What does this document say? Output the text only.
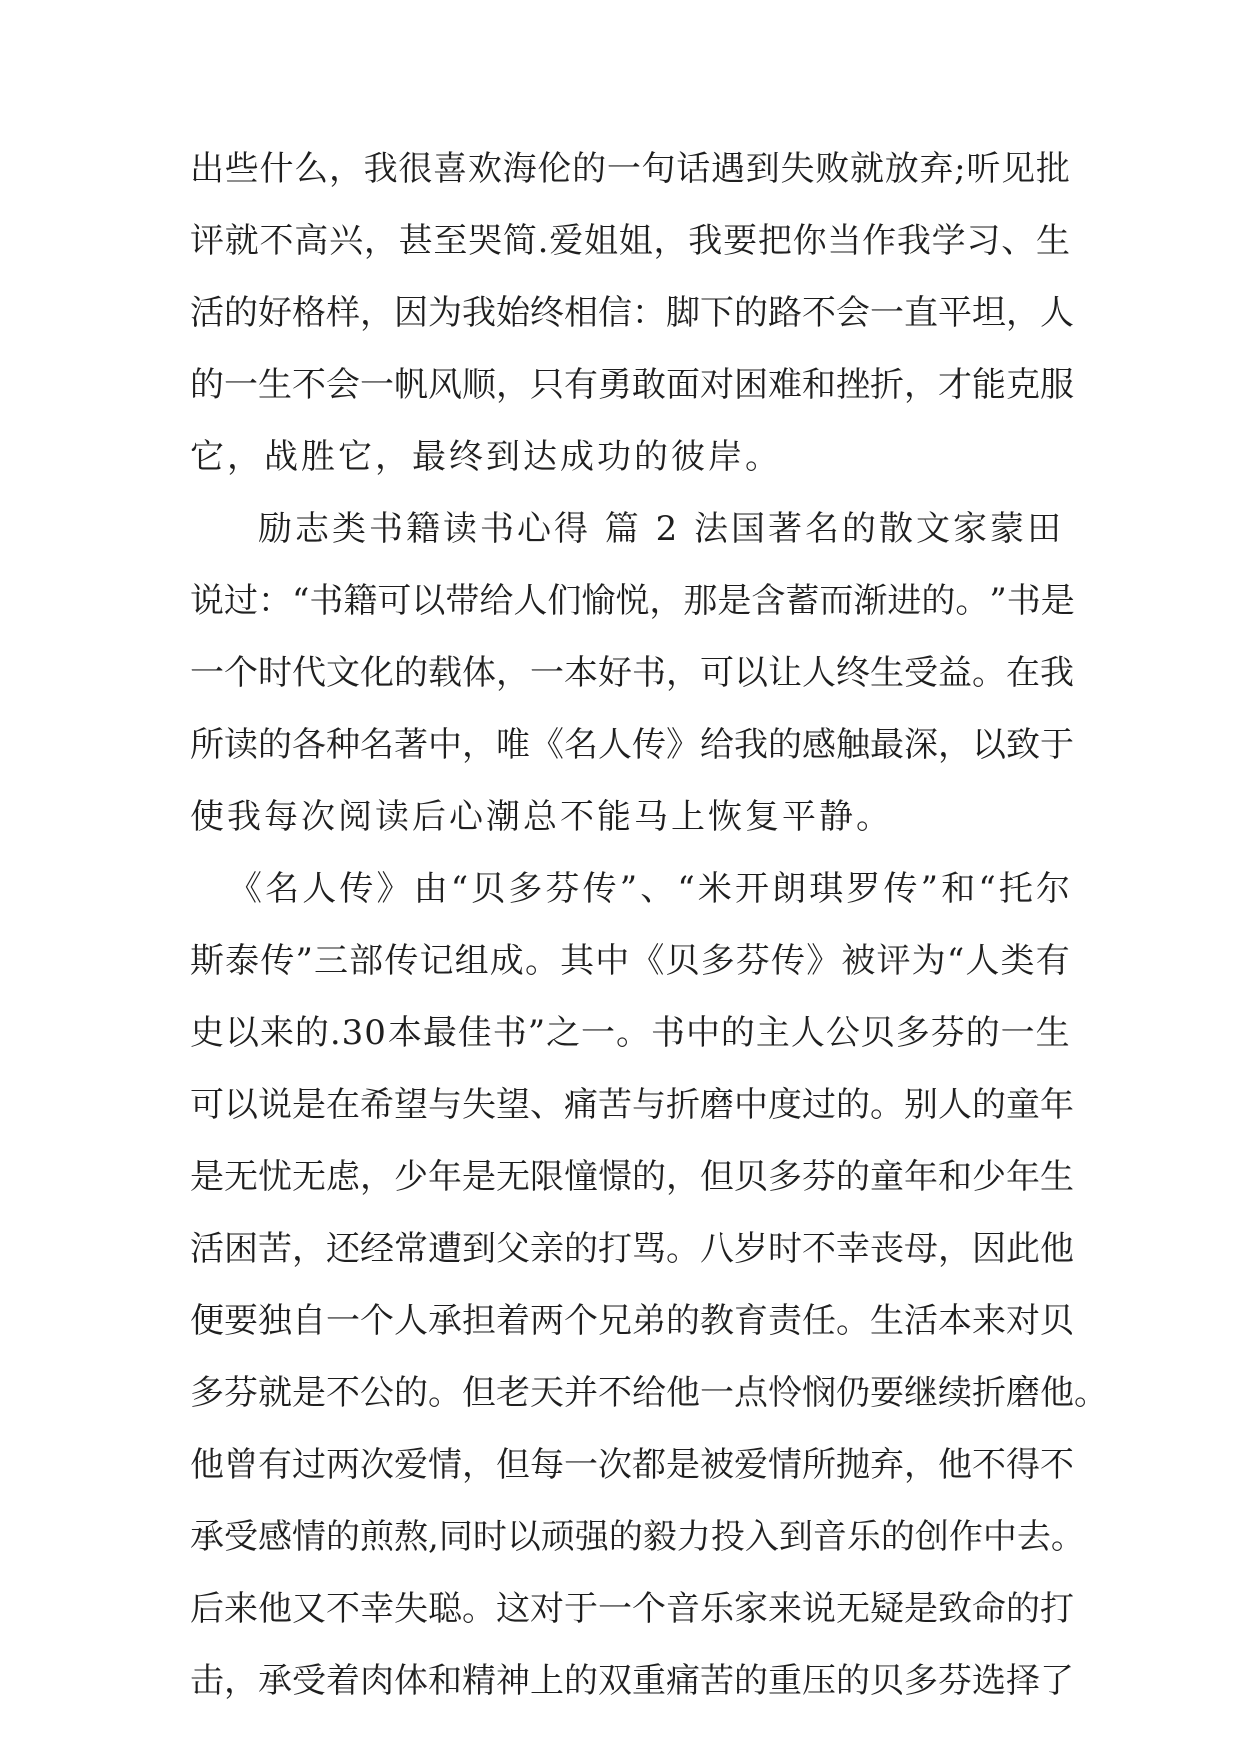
出 些 什 么 ， 我 很 喜 欢 海 伦 的 一 句 话 遇 到 失 败 就 放 弃 ; 听 见 批
评 就 不 高 兴 ， 甚 至 哭 简 . 爱 姐 姐 ， 我 要 把 你 当 作 我 学 习 、 生
活 的 好 格 样 ， 因 为 我 始 终 相 信 ： 脚 下 的 路 不 会 一 直 平 坦 ， 人
的 一 生 不 会 一 帆 风 顺 ， 只 有 勇 敢 面 对 困 难 和 挫 折 ， 才 能 克 服
它，战胜它，最终到达成功的彼岸。
励志类书籍读书心得 篇 2 法国著名的散文家蒙田
说 过 ： “ 书 籍 可 以 带 给 人 们 愉 悦 ， 那 是 含 蓄 而 渐 进 的 。 ” 书 是
一 个 时 代 文 化 的 载 体 ， 一 本 好 书 ， 可 以 让 人 终 生 受 益 。 在 我
所 读 的 各 种 名 著 中 ， 唯 《 名 人 传 》 给 我 的 感 触 最 深 ， 以 致 于
使我每次阅读后心潮总不能马上恢复平静。
《 名 人 传 》 由 “ 贝 多 芬 传 ” 、 “ 米 开 朗 琪 罗 传 ” 和 “ 托 尔
斯 泰 传 ” 三 部 传 记 组 成 。 其 中 《 贝 多 芬 传 》 被 评 为 “ 人 类 有
史 以 来 的 . 3 0 本 最 佳 书 ” 之 一 。 书 中 的 主 人 公 贝 多 芬 的 一 生
可 以 说 是 在 希 望 与 失 望 、 痛 苦 与 折 磨 中 度 过 的 。 别 人 的 童 年
是 无 忧 无 虑 ， 少 年 是 无 限 憧 憬 的 ， 但 贝 多 芬 的 童 年 和 少 年 生
活 困 苦 ， 还 经 常 遭 到 父 亲 的 打 骂 。 八 岁 时 不 幸 丧 母 ， 因 此 他
便 要 独 自 一 个 人 承 担 着 两 个 兄 弟 的 教 育 责 任 。 生 活 本 来 对 贝
多 芬 就 是 不 公 的 。 但 老 天 并 不 给 他 一 点 怜 悯 仍 要 继 续 折 磨 他 。
他 曾 有 过 两 次 爱 情 ， 但 每 一 次 都 是 被 爱 情 所 抛 弃 ， 他 不 得 不
承 受 感 情 的 煎 熬 , 同 时 以 顽 强 的 毅 力 投 入 到 音 乐 的 创 作 中 去 。
后 来 他 又 不 幸 失 聪 。 这 对 于 一 个 音 乐 家 来 说 无 疑 是 致 命 的 打
击 ， 承 受 着 肉 体 和 精 神 上 的 双 重 痛 苦 的 重 压 的 贝 多 芬 选 择 了
